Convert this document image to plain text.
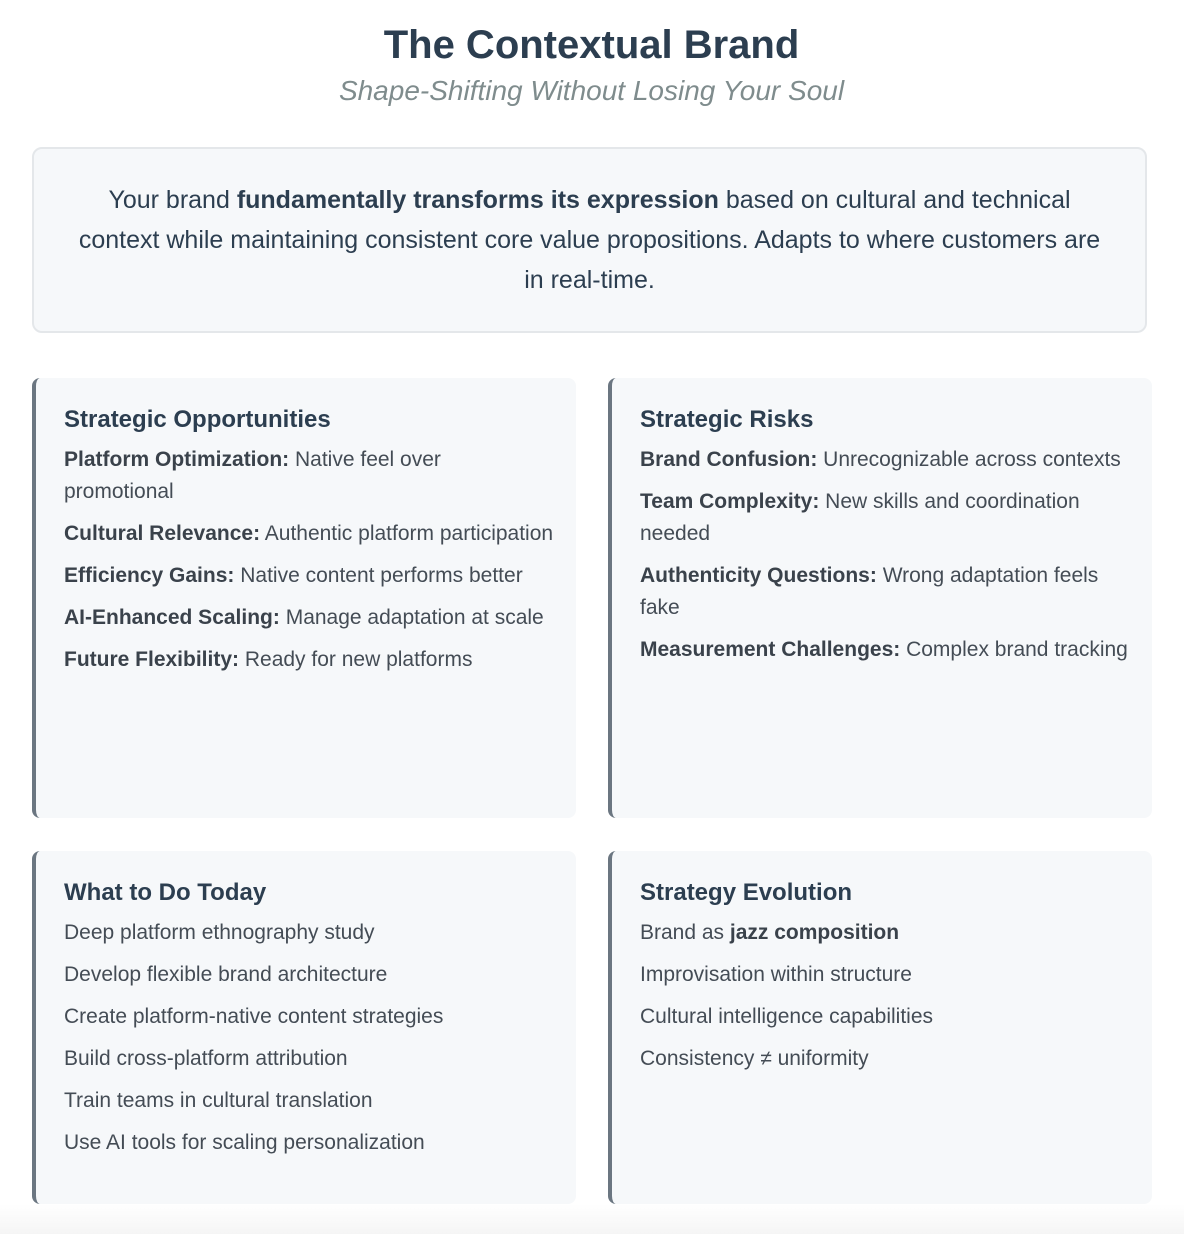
The Contextual Brand
Shape-Shifting Without Losing Your Soul

Your brand fundamentally transforms its expression based on cultural and technical context while maintaining consistent core value propositions. Adapts to where customers are in real-time.

Strategic Opportunities
Platform Optimization: Native feel over promotional
Cultural Relevance: Authentic platform participation
Efficiency Gains: Native content performs better
AI-Enhanced Scaling: Manage adaptation at scale
Future Flexibility: Ready for new platforms
Strategic Risks
Brand Confusion: Unrecognizable across contexts
Team Complexity: New skills and coordination needed
Authenticity Questions: Wrong adaptation feels fake
Measurement Challenges: Complex brand tracking
What to Do Today
Deep platform ethnography study
Develop flexible brand architecture
Create platform-native content strategies
Build cross-platform attribution
Train teams in cultural translation
Use AI tools for scaling personalization
Strategy Evolution
Brand as jazz composition
Improvisation within structure
Cultural intelligence capabilities
Consistency ≠ uniformity
